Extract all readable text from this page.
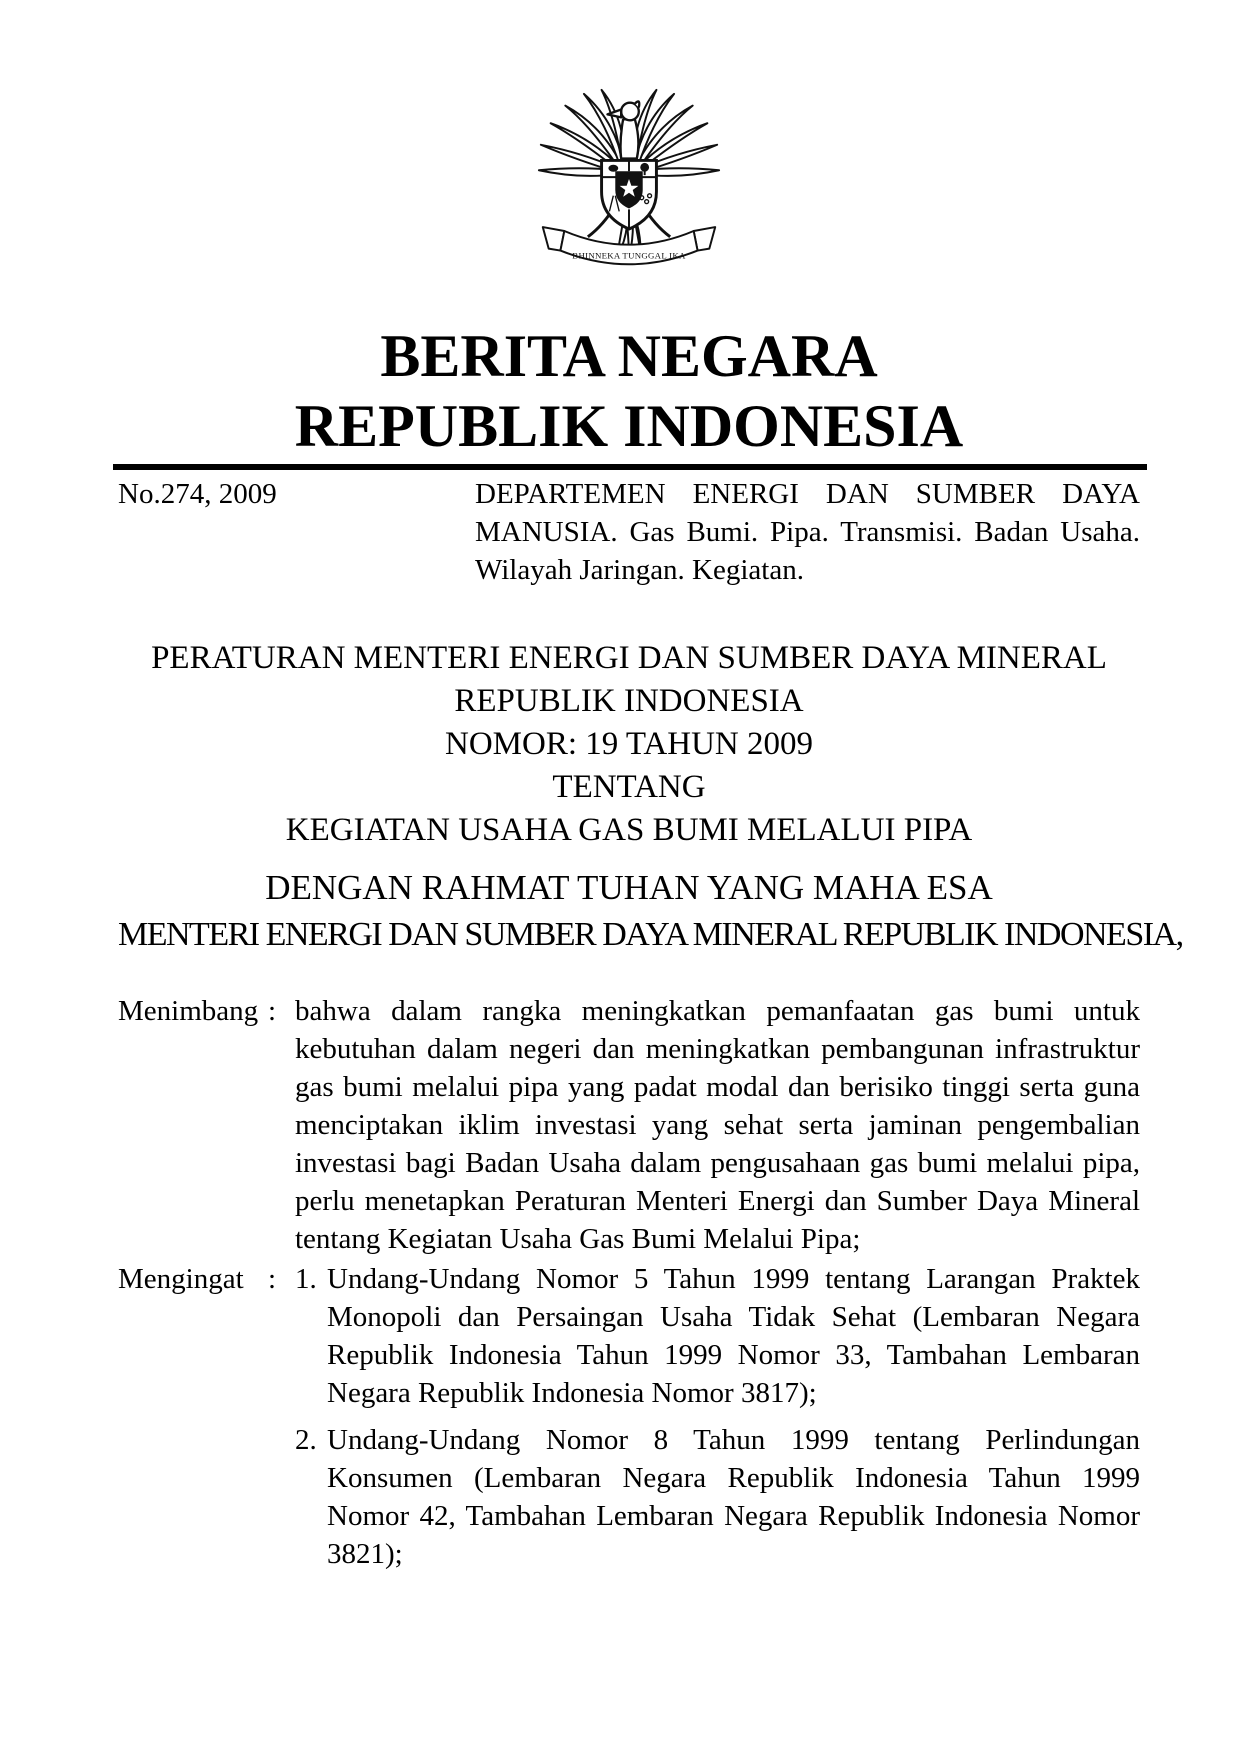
BHINNEKA TUNGGAL IKA
BERITA NEGARA
REPUBLIK INDONESIA
No.274, 2009	DEPARTEMEN ENERGI DAN SUMBER DAYA MANUSIA. Gas Bumi. Pipa. Transmisi. Badan Usaha. Wilayah Jaringan. Kegiatan.
PERATURAN MENTERI ENERGI DAN SUMBER DAYA MINERAL
REPUBLIK INDONESIA
NOMOR: 19 TAHUN 2009
TENTANG
KEGIATAN USAHA GAS BUMI MELALUI PIPA
DENGAN RAHMAT TUHAN YANG MAHA ESA
MENTERI ENERGI DAN SUMBER DAYA MINERAL REPUBLIK INDONESIA,
Menimbang : bahwa dalam rangka meningkatkan pemanfaatan gas bumi untuk kebutuhan dalam negeri dan meningkatkan pembangunan infrastruktur gas bumi melalui pipa yang padat modal dan berisiko tinggi serta guna menciptakan iklim investasi yang sehat serta jaminan pengembalian investasi bagi Badan Usaha dalam pengusahaan gas bumi melalui pipa, perlu menetapkan Peraturan Menteri Energi dan Sumber Daya Mineral tentang Kegiatan Usaha Gas Bumi Melalui Pipa;
Mengingat : 1. Undang-Undang Nomor 5 Tahun 1999 tentang Larangan Praktek Monopoli dan Persaingan Usaha Tidak Sehat (Lembaran Negara Republik Indonesia Tahun 1999 Nomor 33, Tambahan Lembaran Negara Republik Indonesia Nomor 3817);
2. Undang-Undang Nomor 8 Tahun 1999 tentang Perlindungan Konsumen (Lembaran Negara Republik Indonesia Tahun 1999 Nomor 42, Tambahan Lembaran Negara Republik Indonesia Nomor 3821);
